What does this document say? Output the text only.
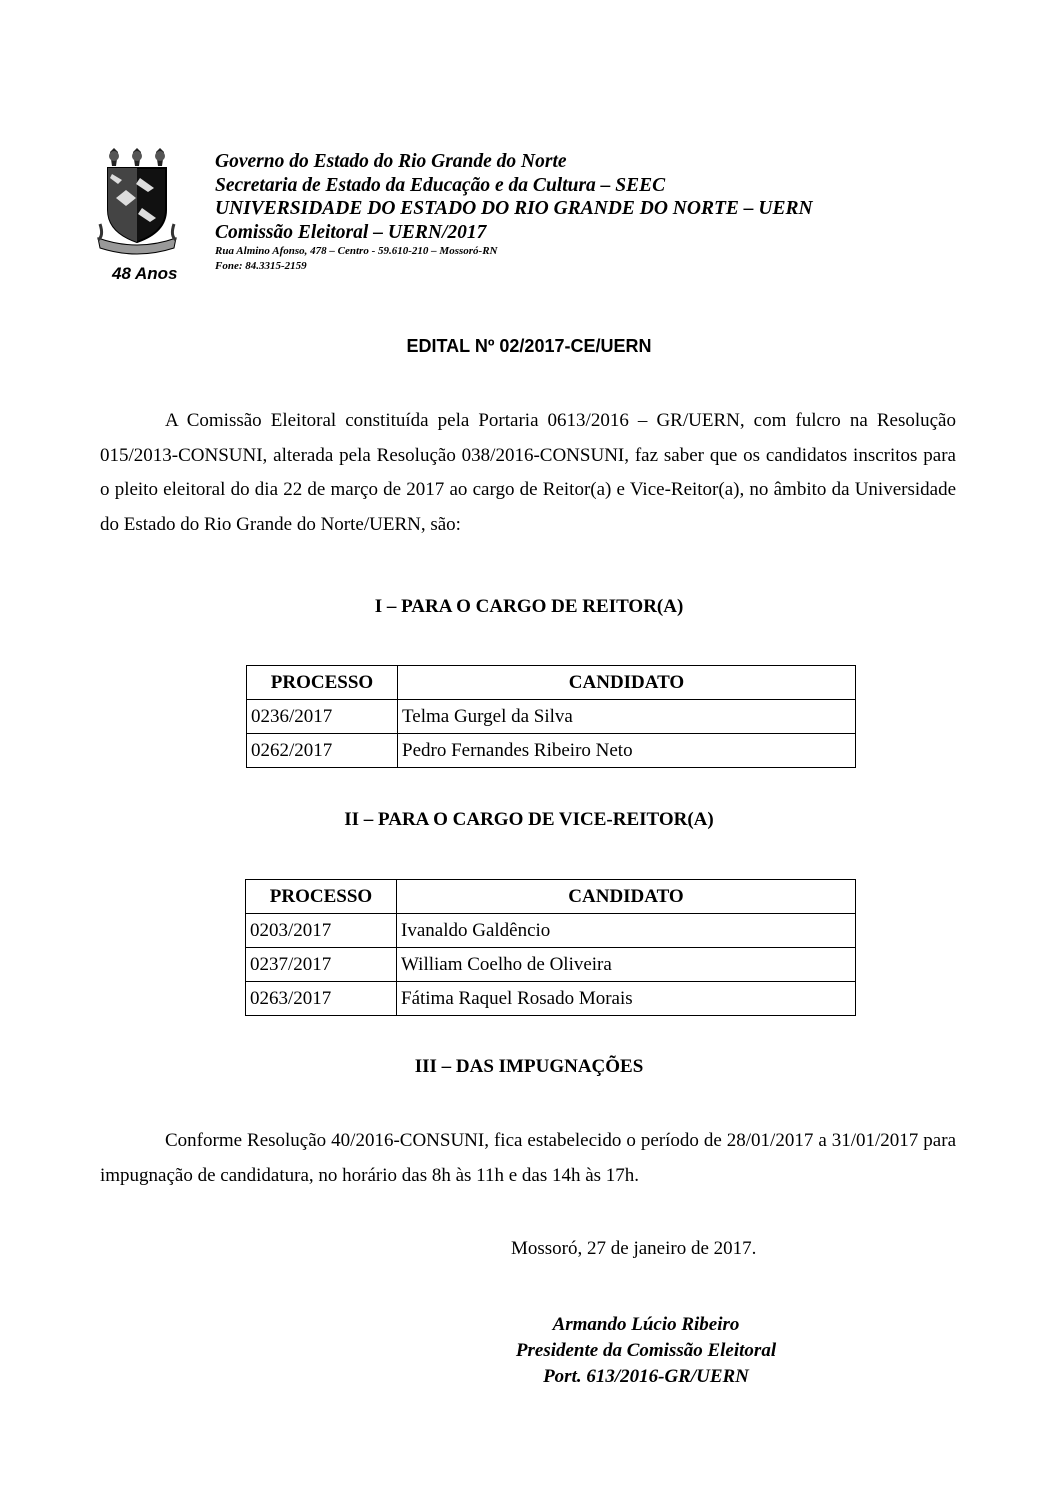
48 Anos
Governo do Estado do Rio Grande do Norte
Secretaria de Estado da Educação e da Cultura – SEEC
UNIVERSIDADE DO ESTADO DO RIO GRANDE DO NORTE – UERN
Comissão Eleitoral – UERN/2017
Rua Almino Afonso, 478 – Centro - 59.610-210 – Mossoró-RN
Fone: 84.3315-2159
EDITAL Nº 02/2017-CE/UERN
A Comissão Eleitoral constituída pela Portaria 0613/2016 – GR/UERN, com fulcro na Resolução 015/2013-CONSUNI, alterada pela Resolução 038/2016-CONSUNI, faz saber que os candidatos inscritos para o pleito eleitoral do dia 22 de março de 2017 ao cargo de Reitor(a) e Vice-Reitor(a), no âmbito da Universidade do Estado do Rio Grande do Norte/UERN, são:
I – PARA O CARGO DE REITOR(A)
PROCESSO	CANDIDATO
0236/2017	Telma Gurgel da Silva
0262/2017	Pedro Fernandes Ribeiro Neto
II – PARA O CARGO DE VICE-REITOR(A)
PROCESSO	CANDIDATO
0203/2017	Ivanaldo Galdêncio
0237/2017	William Coelho de Oliveira
0263/2017	Fátima Raquel Rosado Morais
III – DAS IMPUGNAÇÕES
Conforme Resolução 40/2016-CONSUNI, fica estabelecido o período de 28/01/2017 a 31/01/2017 para impugnação de candidatura, no horário das 8h às 11h e das 14h às 17h.
Mossoró, 27 de janeiro de 2017.
Armando Lúcio Ribeiro
Presidente da Comissão Eleitoral
Port. 613/2016-GR/UERN
